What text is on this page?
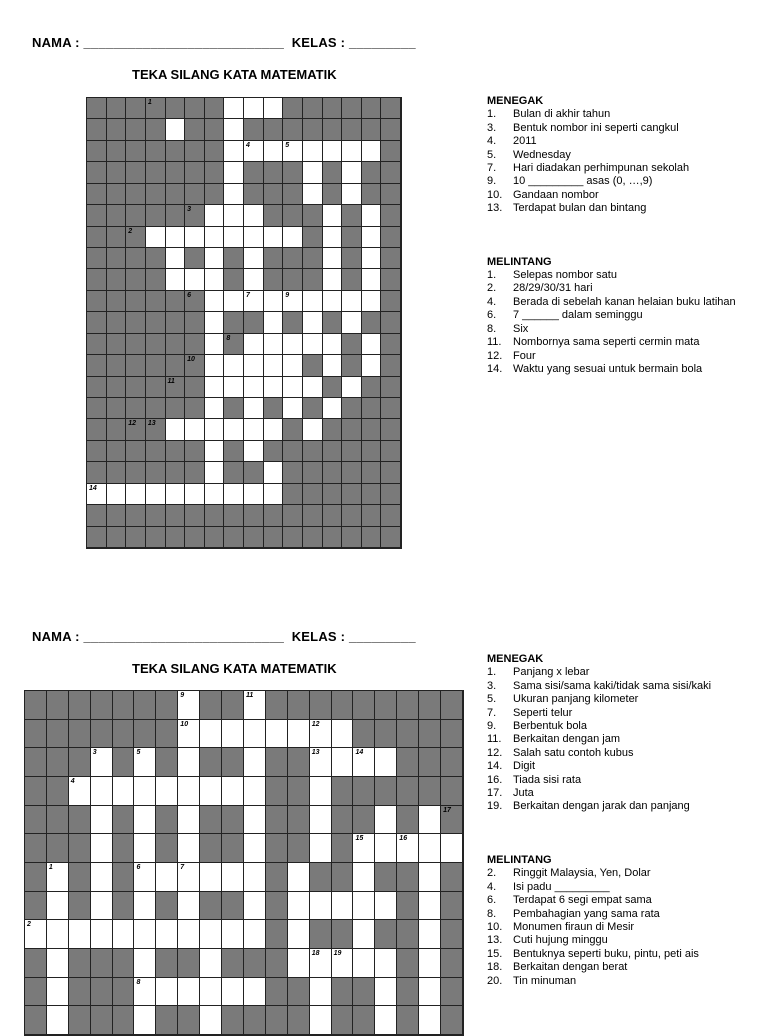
NAMA : ___________________________ KELAS : _________
TEKA SILANG KATA MATEMATIK
1
4	5
3
2
6	7	9
8
10
11
12 13
14
MENEGAK
1.	Bulan di akhir tahun
3.	Bentuk nombor ini seperti cangkul
4.	2011
5.	Wednesday
7.	Hari diadakan perhimpunan sekolah
9.	10 _________ asas (0, …,9)
10. Gandaan nombor
13. Terdapat bulan dan bintang
MELINTANG
1.	Selepas nombor satu
2.	28/29/30/31 hari
4.	Berada di sebelah kanan helaian buku latihan
6.	7 ______ dalam seminggu
8.	Six
11.	Nombornya sama seperti cermin mata
12. Four
14. Waktu yang sesuai untuk bermain bola
NAMA : ___________________________ KELAS : _________
TEKA SILANG KATA MATEMATIK
9	11
10	12
3	5	13	14
4
17
15	16
1	6	7
2
18 19
8
MENEGAK
1.	Panjang x lebar
3.	Sama sisi/sama kaki/tidak sama sisi/kaki
5.	Ukuran panjang kilometer
7.	Seperti telur
9.	Berbentuk bola
11.	Berkaitan dengan jam
12. Salah satu contoh kubus
14. Digit
16. Tiada sisi rata
17. Juta
19. Berkaitan dengan jarak dan panjang
MELINTANG
2.	Ringgit Malaysia, Yen, Dolar
4.	Isi padu _________
6.	Terdapat 6 segi empat sama
8.	Pembahagian yang sama rata
10. Monumen firaun di Mesir
13. Cuti hujung minggu
15. Bentuknya seperti buku, pintu, peti ais
18. Berkaitan dengan berat
20. Tin minuman
